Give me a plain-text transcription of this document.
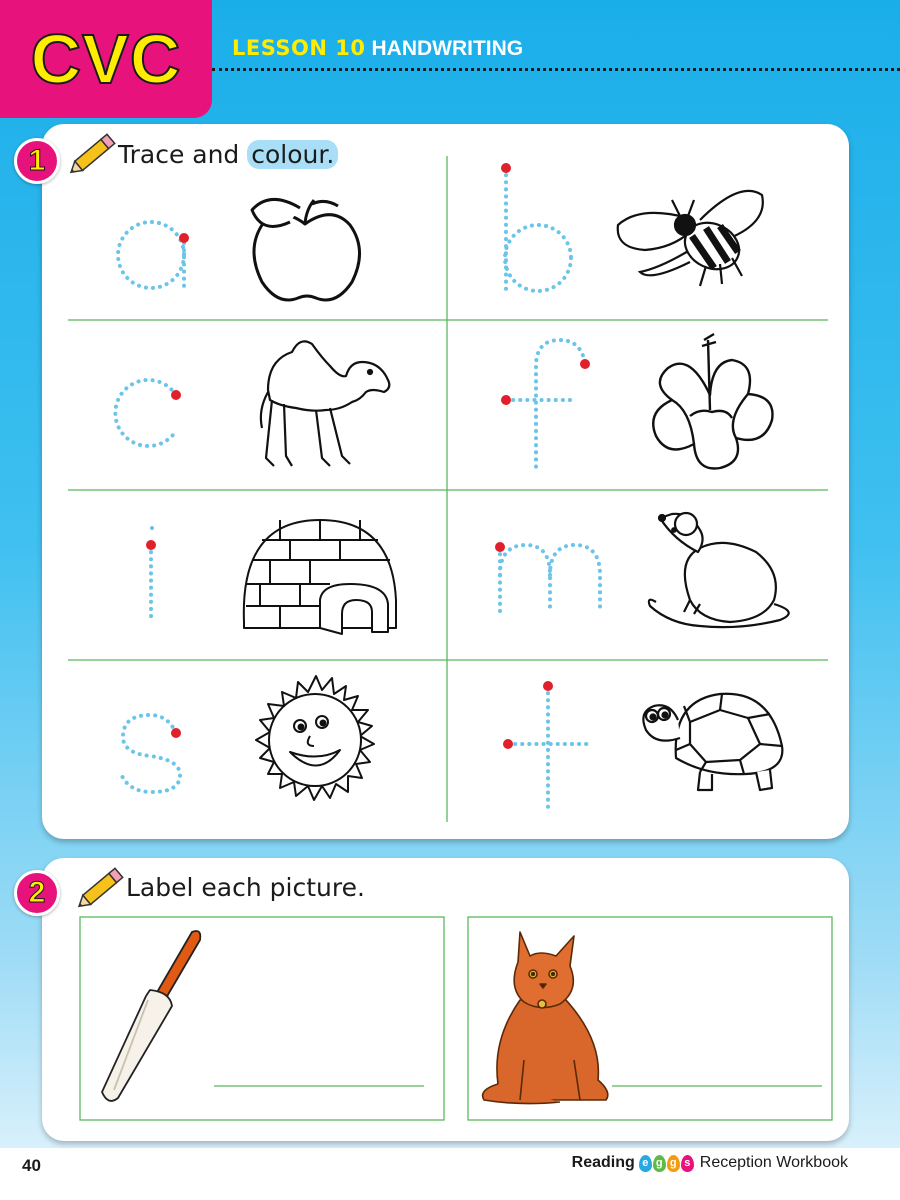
CVC LESSON 10 HANDWRITING
1	Trace and colour.
2	Label each picture.
40	Reading e g g s Reception Workbook
